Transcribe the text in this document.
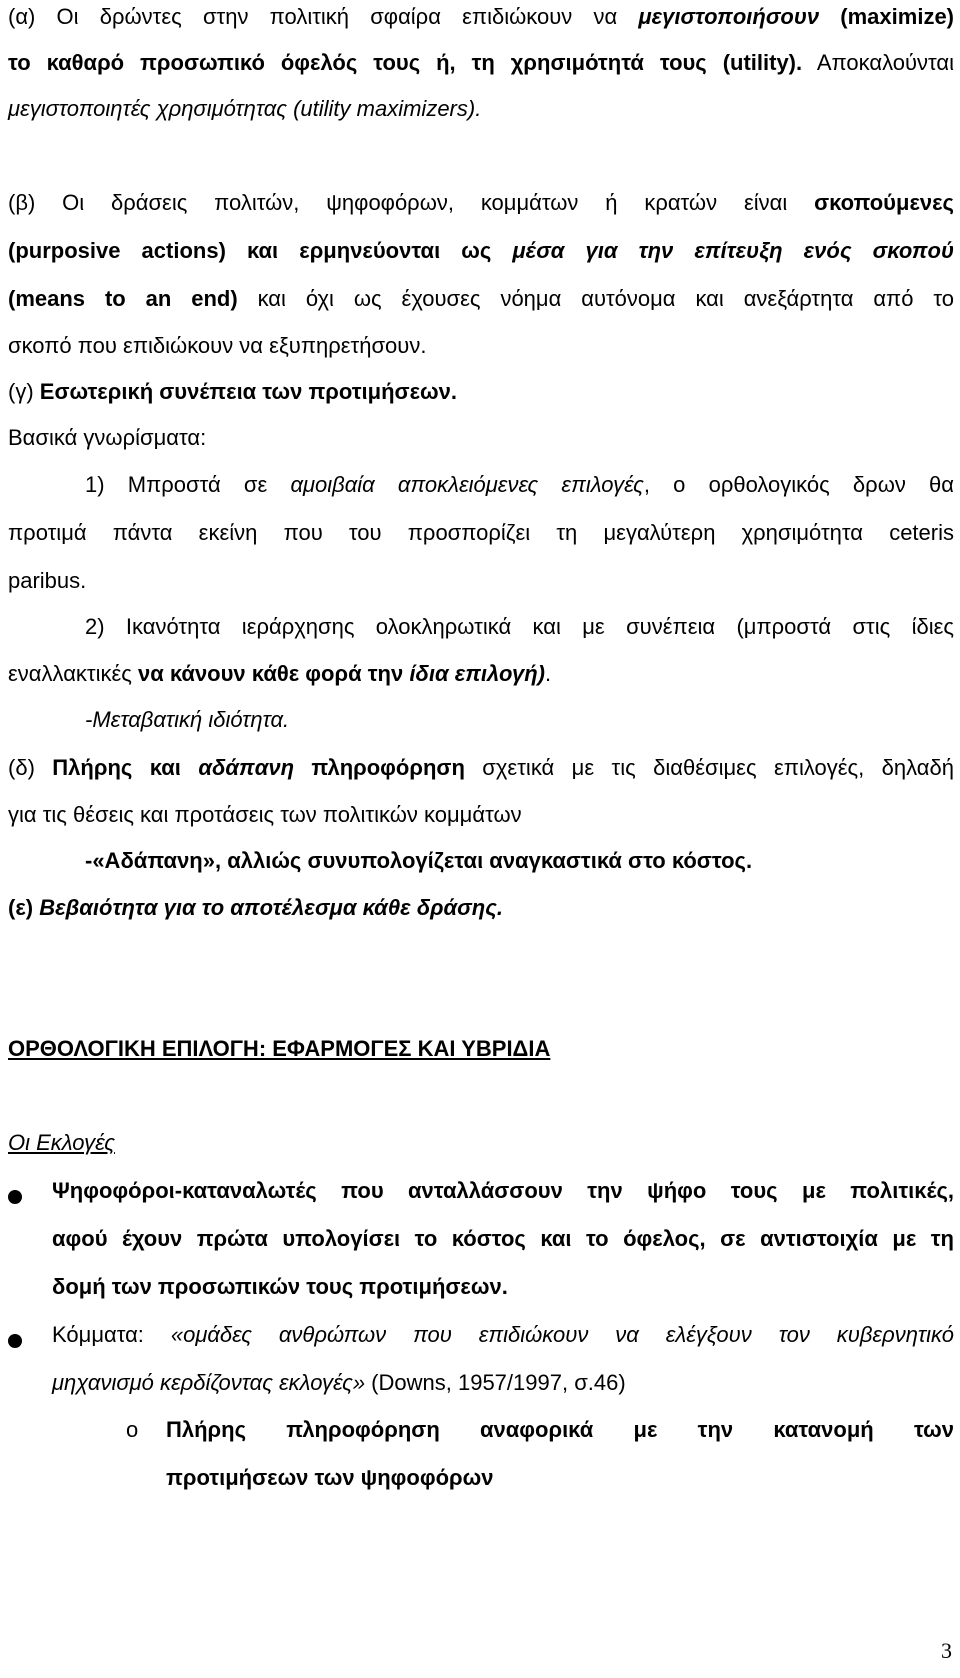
(α) Οι δρώντες στην πολιτική σφαίρα επιδιώκουν να μεγιστοποιήσουν (maximize)
το καθαρό προσωπικό όφελός τους ή, τη χρησιμότητά τους (utility). Αποκαλούνται
μεγιστοποιητές χρησιμότητας (utility maximizers).
(β) Οι δράσεις πολιτών, ψηφοφόρων, κομμάτων ή κρατών είναι σκοπούμενες
(purposive actions) και ερμηνεύονται ως μέσα για την επίτευξη ενός σκοπού
(means to an end) και όχι ως έχουσες νόημα αυτόνομα και ανεξάρτητα από το
σκοπό που επιδιώκουν να εξυπηρετήσουν.
(γ) Εσωτερική συνέπεια των προτιμήσεων.
Βασικά γνωρίσματα:
1) Μπροστά σε αμοιβαία αποκλειόμενες επιλογές, ο ορθολογικός δρων θα
προτιμά πάντα εκείνη που του προσπορίζει τη μεγαλύτερη χρησιμότητα ceteris
paribus.
2) Ικανότητα ιεράρχησης ολοκληρωτικά και με συνέπεια (μπροστά στις ίδιες
εναλλακτικές να κάνουν κάθε φορά την ίδια επιλογή).
-Μεταβατική ιδιότητα.
(δ) Πλήρης και αδάπανη πληροφόρηση σχετικά με τις διαθέσιμες επιλογές, δηλαδή
για τις θέσεις και προτάσεις των πολιτικών κομμάτων
-«Αδάπανη», αλλιώς συνυπολογίζεται αναγκαστικά στο κόστος.
(ε) Βεβαιότητα για το αποτέλεσμα κάθε δράσης.
ΟΡΘΟΛΟΓΙΚΗ ΕΠΙΛΟΓΗ: ΕΦΑΡΜΟΓΕΣ ΚΑΙ ΥΒΡΙΔΙΑ
Οι Εκλογές
Ψηφοφόροι-καταναλωτές που ανταλλάσσουν την ψήφο τους με πολιτικές,
αφού έχουν πρώτα υπολογίσει το κόστος και το όφελος, σε αντιστοιχία με τη
δομή των προσωπικών τους προτιμήσεων.
Κόμματα: «ομάδες ανθρώπων που επιδιώκουν να ελέγξουν τον κυβερνητικό
μηχανισμό κερδίζοντας εκλογές» (Downs, 1957/1997, σ.46)
o Πλήρης πληροφόρηση αναφορικά με την κατανομή των
προτιμήσεων των ψηφοφόρων
3
